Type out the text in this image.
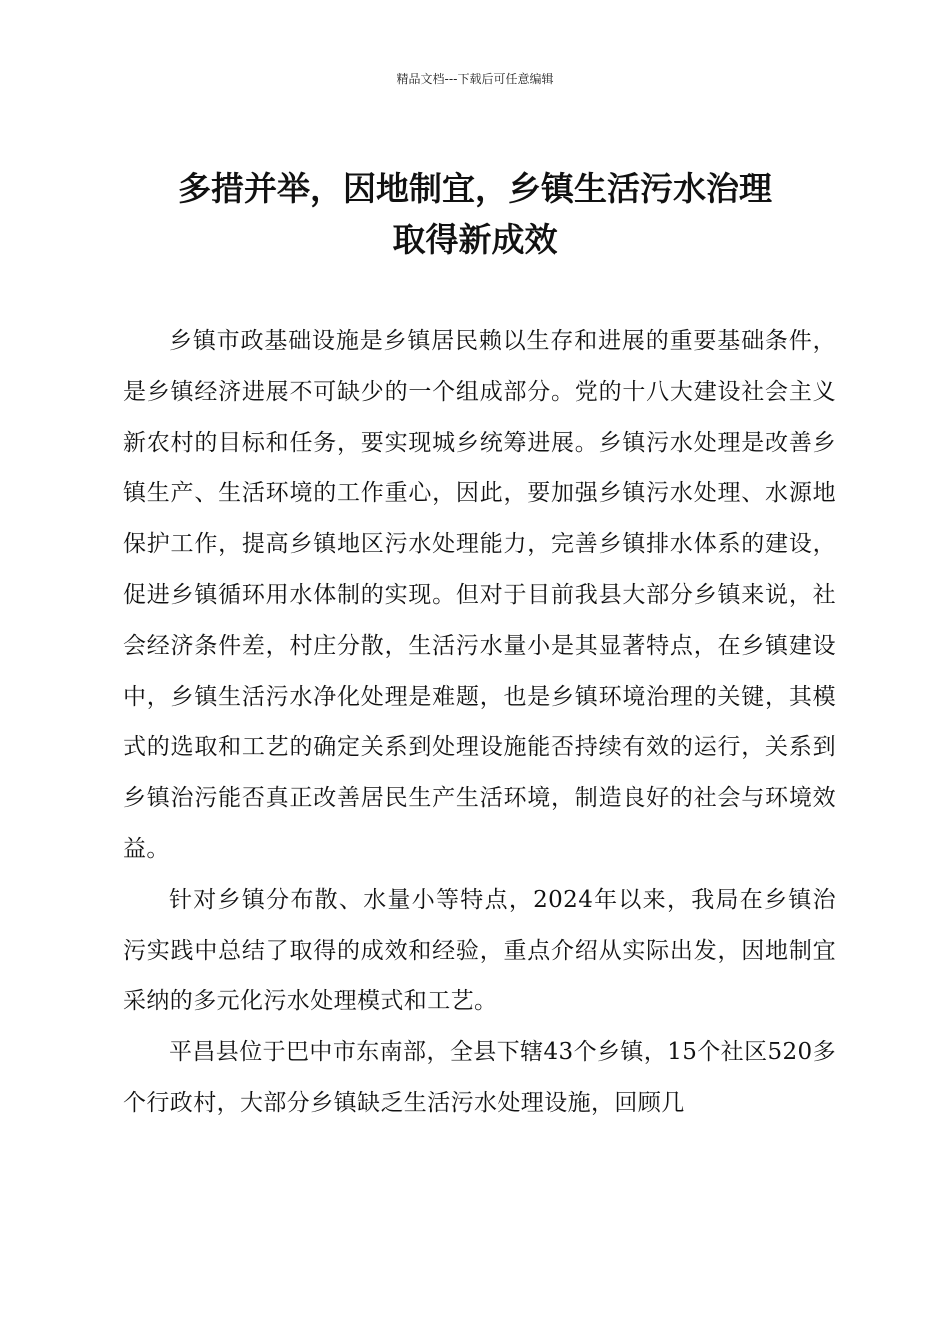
精品文档---下载后可任意编辑
多措并举，因地制宜，乡镇生活污水治理
取得新成效

乡镇市政基础设施是乡镇居民赖以生存和进展的重要基础条件，是乡镇经济进展不可缺少的一个组成部分。党的十八大建设社会主义新农村的目标和任务，要实现城乡统筹进展。乡镇污水处理是改善乡镇生产、生活环境的工作重心，因此，要加强乡镇污水处理、水源地保护工作，提高乡镇地区污水处理能力，完善乡镇排水体系的建设，促进乡镇循环用水体制的实现。但对于目前我县大部分乡镇来说，社会经济条件差，村庄分散，生活污水量小是其显著特点，在乡镇建设中，乡镇生活污水净化处理是难题，也是乡镇环境治理的关键，其模式的选取和工艺的确定关系到处理设施能否持续有效的运行，关系到乡镇治污能否真正改善居民生产生活环境，制造良好的社会与环境效益。

针对乡镇分布散、水量小等特点，2024年以来，我局在乡镇治污实践中总结了取得的成效和经验，重点介绍从实际出发，因地制宜采纳的多元化污水处理模式和工艺。

平昌县位于巴中市东南部，全县下辖43个乡镇，15个社区520多个行政村，大部分乡镇缺乏生活污水处理设施，回顾几
